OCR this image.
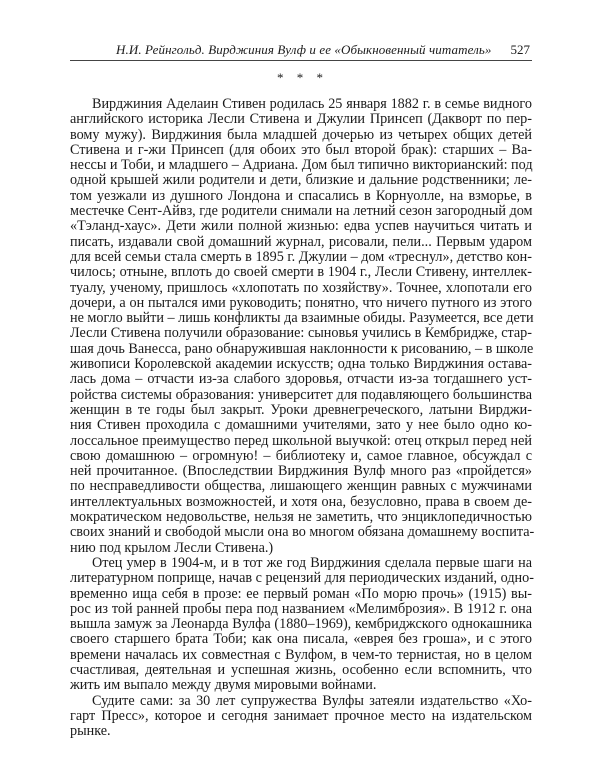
Н.И. Рейнгольд. Вирджиния Вулф и ее «Обыкновенный читатель» 527
* * *
Вирджиния Аделаин Стивен родилась 25 января 1882 г. в семье видного
английского историка Лесли Стивена и Джулии Принсеп (Дакворт по пер-
вому мужу). Вирджиния была младшей дочерью из четырех общих детей
Стивена и г-жи Принсеп (для обоих это был второй брак): старших – Ва-
нессы и Тоби, и младшего – Адриана. Дом был типично викторианский: под
одной крышей жили родители и дети, близкие и дальние родственники; ле-
том уезжали из душного Лондона и спасались в Корнуолле, на взморье, в
местечке Сент-Айвз, где родители снимали на летний сезон загородный дом
«Тэланд-хаус». Дети жили полной жизнью: едва успев научиться читать и
писать, издавали свой домашний журнал, рисовали, пели... Первым ударом
для всей семьи стала смерть в 1895 г. Джулии – дом «треснул», детство кон-
чилось; отныне, вплоть до своей смерти в 1904 г., Лесли Стивену, интеллек-
туалу, ученому, пришлось «хлопотать по хозяйству». Точнее, хлопотали его
дочери, а он пытался ими руководить; понятно, что ничего путного из этого
не могло выйти – лишь конфликты да взаимные обиды. Разумеется, все дети
Лесли Стивена получили образование: сыновья учились в Кембридже, стар-
шая дочь Ванесса, рано обнаружившая наклонности к рисованию, – в школе
живописи Королевской академии искусств; одна только Вирджиния остава-
лась дома – отчасти из-за слабого здоровья, отчасти из-за тогдашнего уст-
ройства системы образования: университет для подавляющего большинства
женщин в те годы был закрыт. Уроки древнегреческого, латыни Вирджи-
ния Стивен проходила с домашними учителями, зато у нее было одно ко-
лоссальное преимущество перед школьной выучкой: отец открыл перед ней
свою домашнюю – огромную! – библиотеку и, самое главное, обсуждал с
ней прочитанное. (Впоследствии Вирджиния Вулф много раз «пройдется»
по несправедливости общества, лишающего женщин равных с мужчинами
интеллектуальных возможностей, и хотя она, безусловно, права в своем де-
мократическом недовольстве, нельзя не заметить, что энциклопедичностью
своих знаний и свободой мысли она во многом обязана домашнему воспита-
нию под крылом Лесли Стивена.)
Отец умер в 1904-м, и в тот же год Вирджиния сделала первые шаги на
литературном поприще, начав с рецензий для периодических изданий, одно-
временно ища себя в прозе: ее первый роман «По морю прочь» (1915) вы-
рос из той ранней пробы пера под названием «Мелимброзия». В 1912 г. она
вышла замуж за Леонарда Вулфа (1880–1969), кембриджского однокашника
своего старшего брата Тоби; как она писала, «еврея без гроша», и с этого
времени началась их совместная с Вулфом, в чем-то тернистая, но в целом
счастливая, деятельная и успешная жизнь, особенно если вспомнить, что
жить им выпало между двумя мировыми войнами.
Судите сами: за 30 лет супружества Вулфы затеяли издательство «Хо-
гарт Пресс», которое и сегодня занимает прочное место на издательском
рынке.
